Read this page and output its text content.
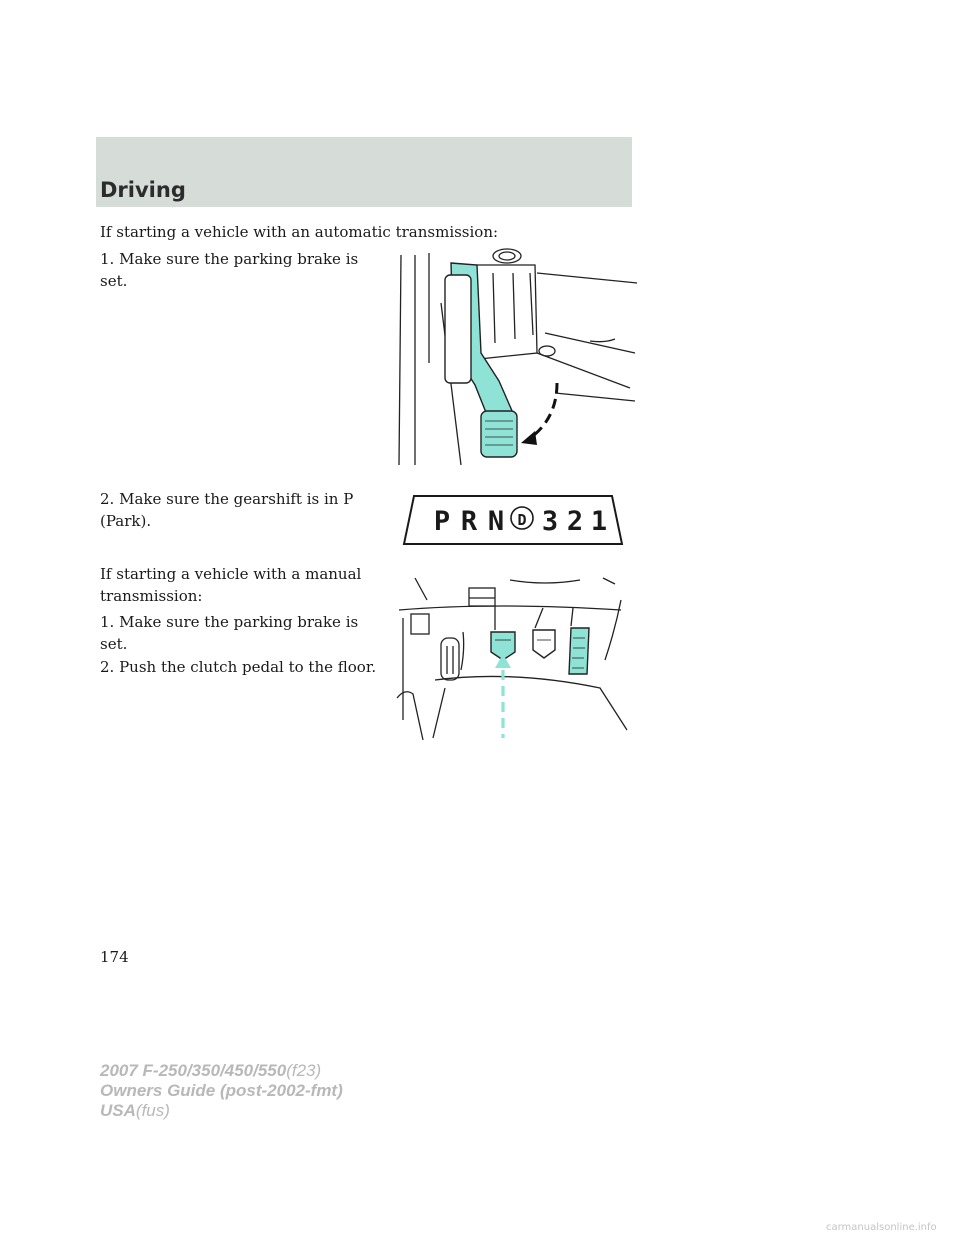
Driving

If starting a vehicle with an automatic transmission:

1. Make sure the parking brake is set.

2. Make sure the gearshift is in P (Park).

If starting a vehicle with a manual transmission:

1. Make sure the parking brake is set.

2. Push the clutch pedal to the floor.

P R N D 3 2 1
174
2007 F-250/350/450/550(f23)
Owners Guide (post-2002-fmt)
USA(fus)
carmanualsonline.info
